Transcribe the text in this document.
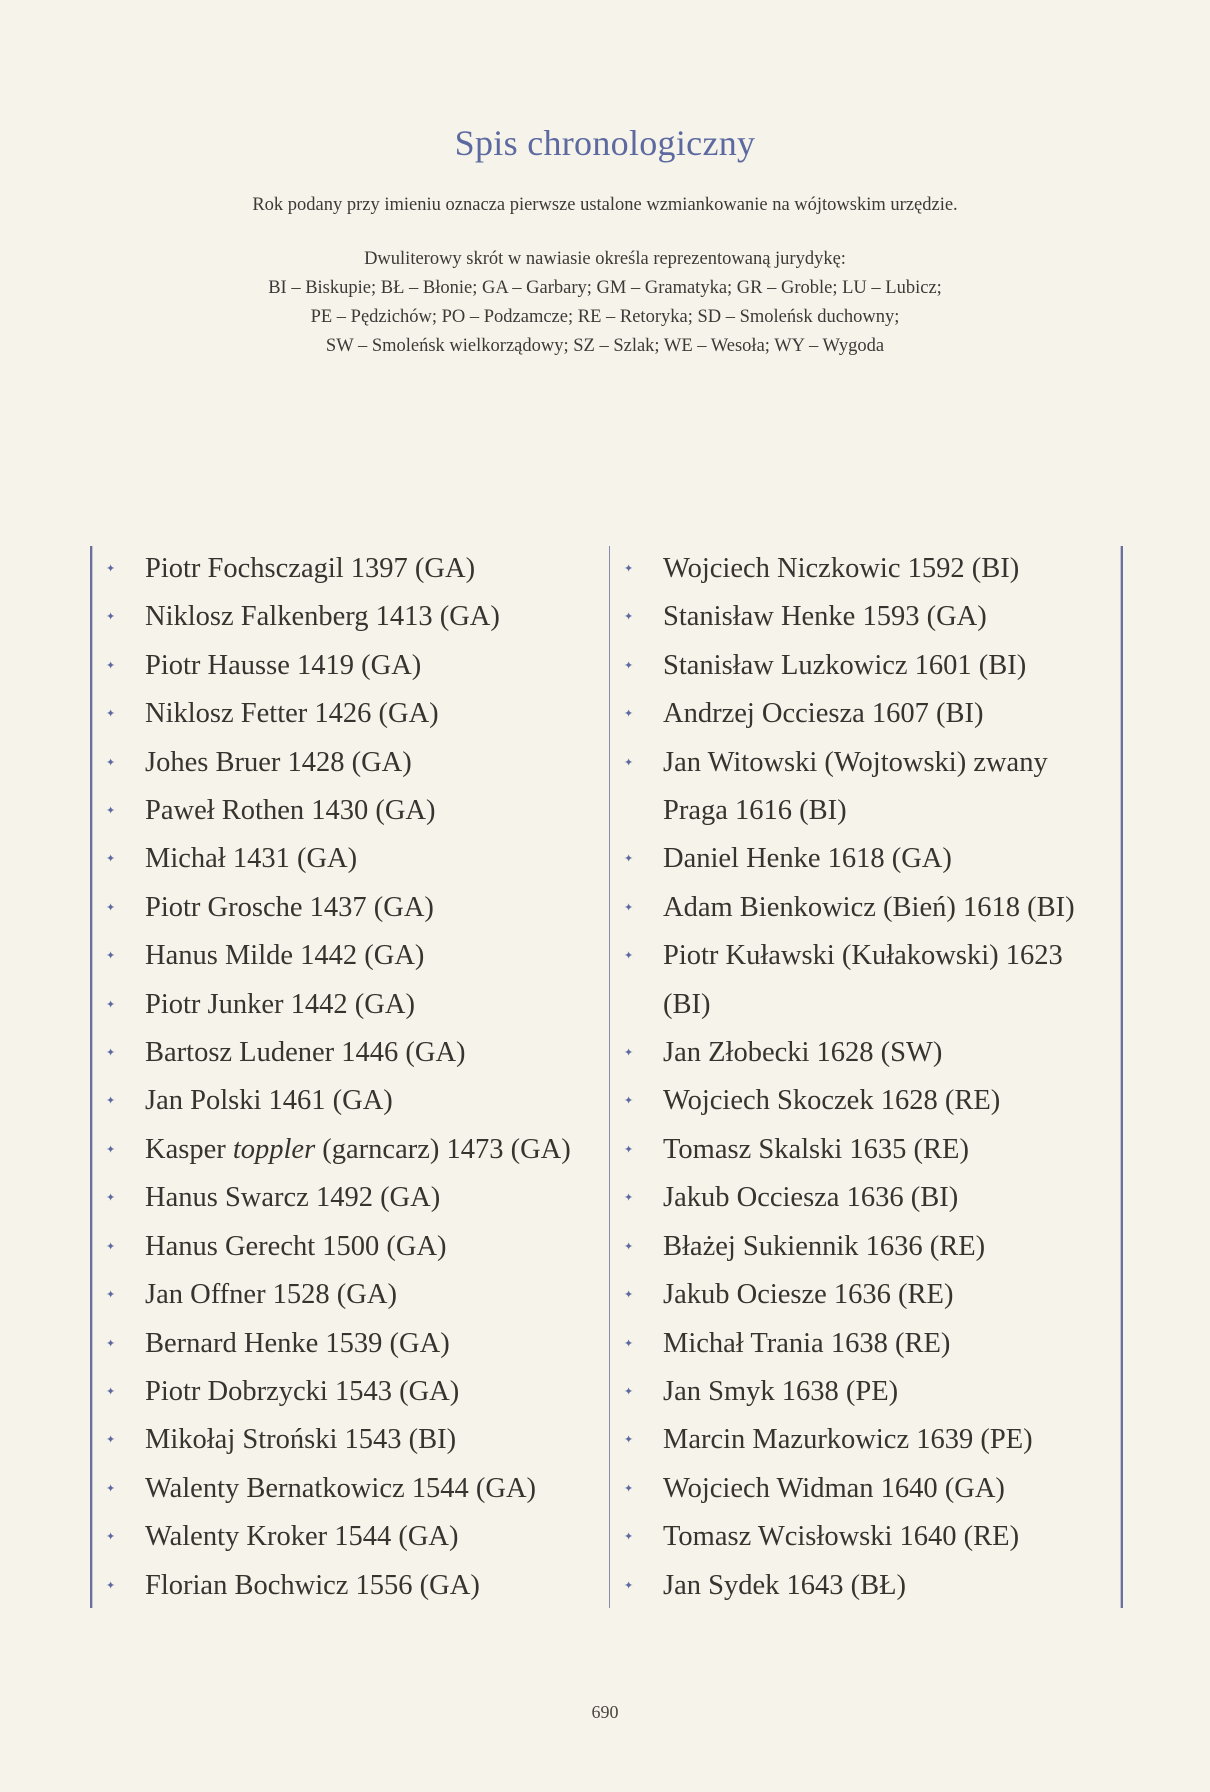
Spis chronologiczny
Rok podany przy imieniu oznacza pierwsze ustalone wzmiankowanie na wójtowskim urzędzie.
Dwuliterowy skrót w nawiasie określa reprezentowaną jurydykę:
BI – Biskupie; BŁ – Błonie; GA – Garbary; GM – Gramatyka; GR – Groble; LU – Lubicz;
PE – Pędzichów; PO – Podzamcze; RE – Retoryka; SD – Smoleńsk duchowny;
SW – Smoleńsk wielkorządowy; SZ – Szlak; WE – Wesoła; WY – Wygoda
✦ Piotr Fochsczagil 1397 (GA)
✦ Niklosz Falkenberg 1413 (GA)
✦ Piotr Hausse 1419 (GA)
✦ Niklosz Fetter 1426 (GA)
✦ Johes Bruer 1428 (GA)
✦ Paweł Rothen 1430 (GA)
✦ Michał 1431 (GA)
✦ Piotr Grosche 1437 (GA)
✦ Hanus Milde 1442 (GA)
✦ Piotr Junker 1442 (GA)
✦ Bartosz Ludener 1446 (GA)
✦ Jan Polski 1461 (GA)
✦ Kasper toppler (garncarz) 1473 (GA)
✦ Hanus Swarcz 1492 (GA)
✦ Hanus Gerecht 1500 (GA)
✦ Jan Offner 1528 (GA)
✦ Bernard Henke 1539 (GA)
✦ Piotr Dobrzycki 1543 (GA)
✦ Mikołaj Stroński 1543 (BI)
✦ Walenty Bernatkowicz 1544 (GA)
✦ Walenty Kroker 1544 (GA)
✦ Florian Bochwicz 1556 (GA)
✦ Wojciech Niczkowic 1592 (BI)
✦ Stanisław Henke 1593 (GA)
✦ Stanisław Luzkowicz 1601 (BI)
✦ Andrzej Occiesza 1607 (BI)
✦ Jan Witowski (Wojtowski) zwany Praga 1616 (BI)
✦ Daniel Henke 1618 (GA)
✦ Adam Bienkowicz (Bień) 1618 (BI)
✦ Piotr Kuławski (Kułakowski) 1623 (BI)
✦ Jan Złobecki 1628 (SW)
✦ Wojciech Skoczek 1628 (RE)
✦ Tomasz Skalski 1635 (RE)
✦ Jakub Occiesza 1636 (BI)
✦ Błażej Sukiennik 1636 (RE)
✦ Jakub Ociesze 1636 (RE)
✦ Michał Trania 1638 (RE)
✦ Jan Smyk 1638 (PE)
✦ Marcin Mazurkowicz 1639 (PE)
✦ Wojciech Widman 1640 (GA)
✦ Tomasz Wcisłowski 1640 (RE)
✦ Jan Sydek 1643 (BŁ)
690
